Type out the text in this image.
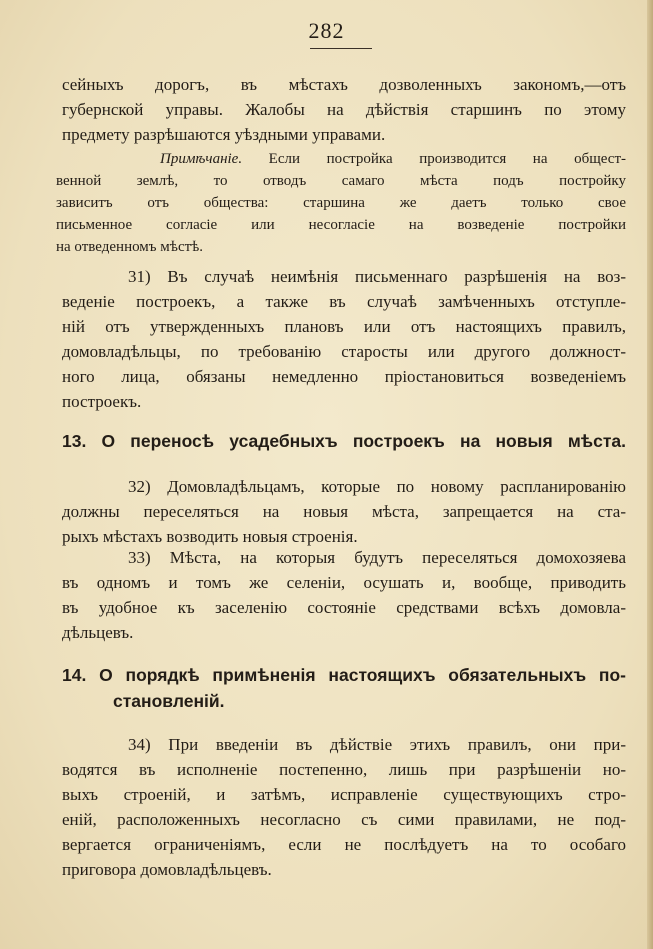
282
сейныхъ дорогъ, въ мѣстахъ дозволенныхъ закономъ,—отъ
губернской управы. Жалобы на дѣйствія старшинъ по этому
предмету разрѣшаются уѣздными управами.
Примѣчаніе. Если постройка производится на общест-
венной землѣ, то отводъ самаго мѣста подъ постройку
зависитъ отъ общества: старшина же даетъ только свое
письменное согласіе или несогласіе на возведеніе постройки
на отведенномъ мѣстѣ.
31) Въ случаѣ неимѣнія письменнаго разрѣшенія на воз-
веденіе построекъ, а также въ случаѣ замѣченныхъ отступле-
ній отъ утвержденныхъ плановъ или отъ настоящихъ правилъ,
домовладѣльцы, по требованію старосты или другого должност-
ного лица, обязаны немедленно пріостановиться возведеніемъ
построекъ.
13. О переносѣ усадебныхъ построекъ на новыя мѣста.
32) Домовладѣльцамъ, которые по новому распланированію
должны переселяться на новыя мѣста, запрещается на ста-
рыхъ мѣстахъ возводить новыя строенія.
33) Мѣста, на которыя будутъ переселяться домохозяева
въ одномъ и томъ же селеніи, осушать и, вообще, приводить
въ удобное къ заселенію состояніе средствами всѣхъ домовла-
дѣльцевъ.
14. О порядкѣ примѣненія настоящихъ обязательныхъ по-
становленій.
34) При введеніи въ дѣйствіе этихъ правилъ, они при-
водятся въ исполненіе постепенно, лишь при разрѣшеніи но-
выхъ строеній, и затѣмъ, исправленіе существующихъ стро-
еній, расположенныхъ несогласно съ сими правилами, не под-
вергается ограниченіямъ, если не послѣдуетъ на то особаго
приговора домовладѣльцевъ.
